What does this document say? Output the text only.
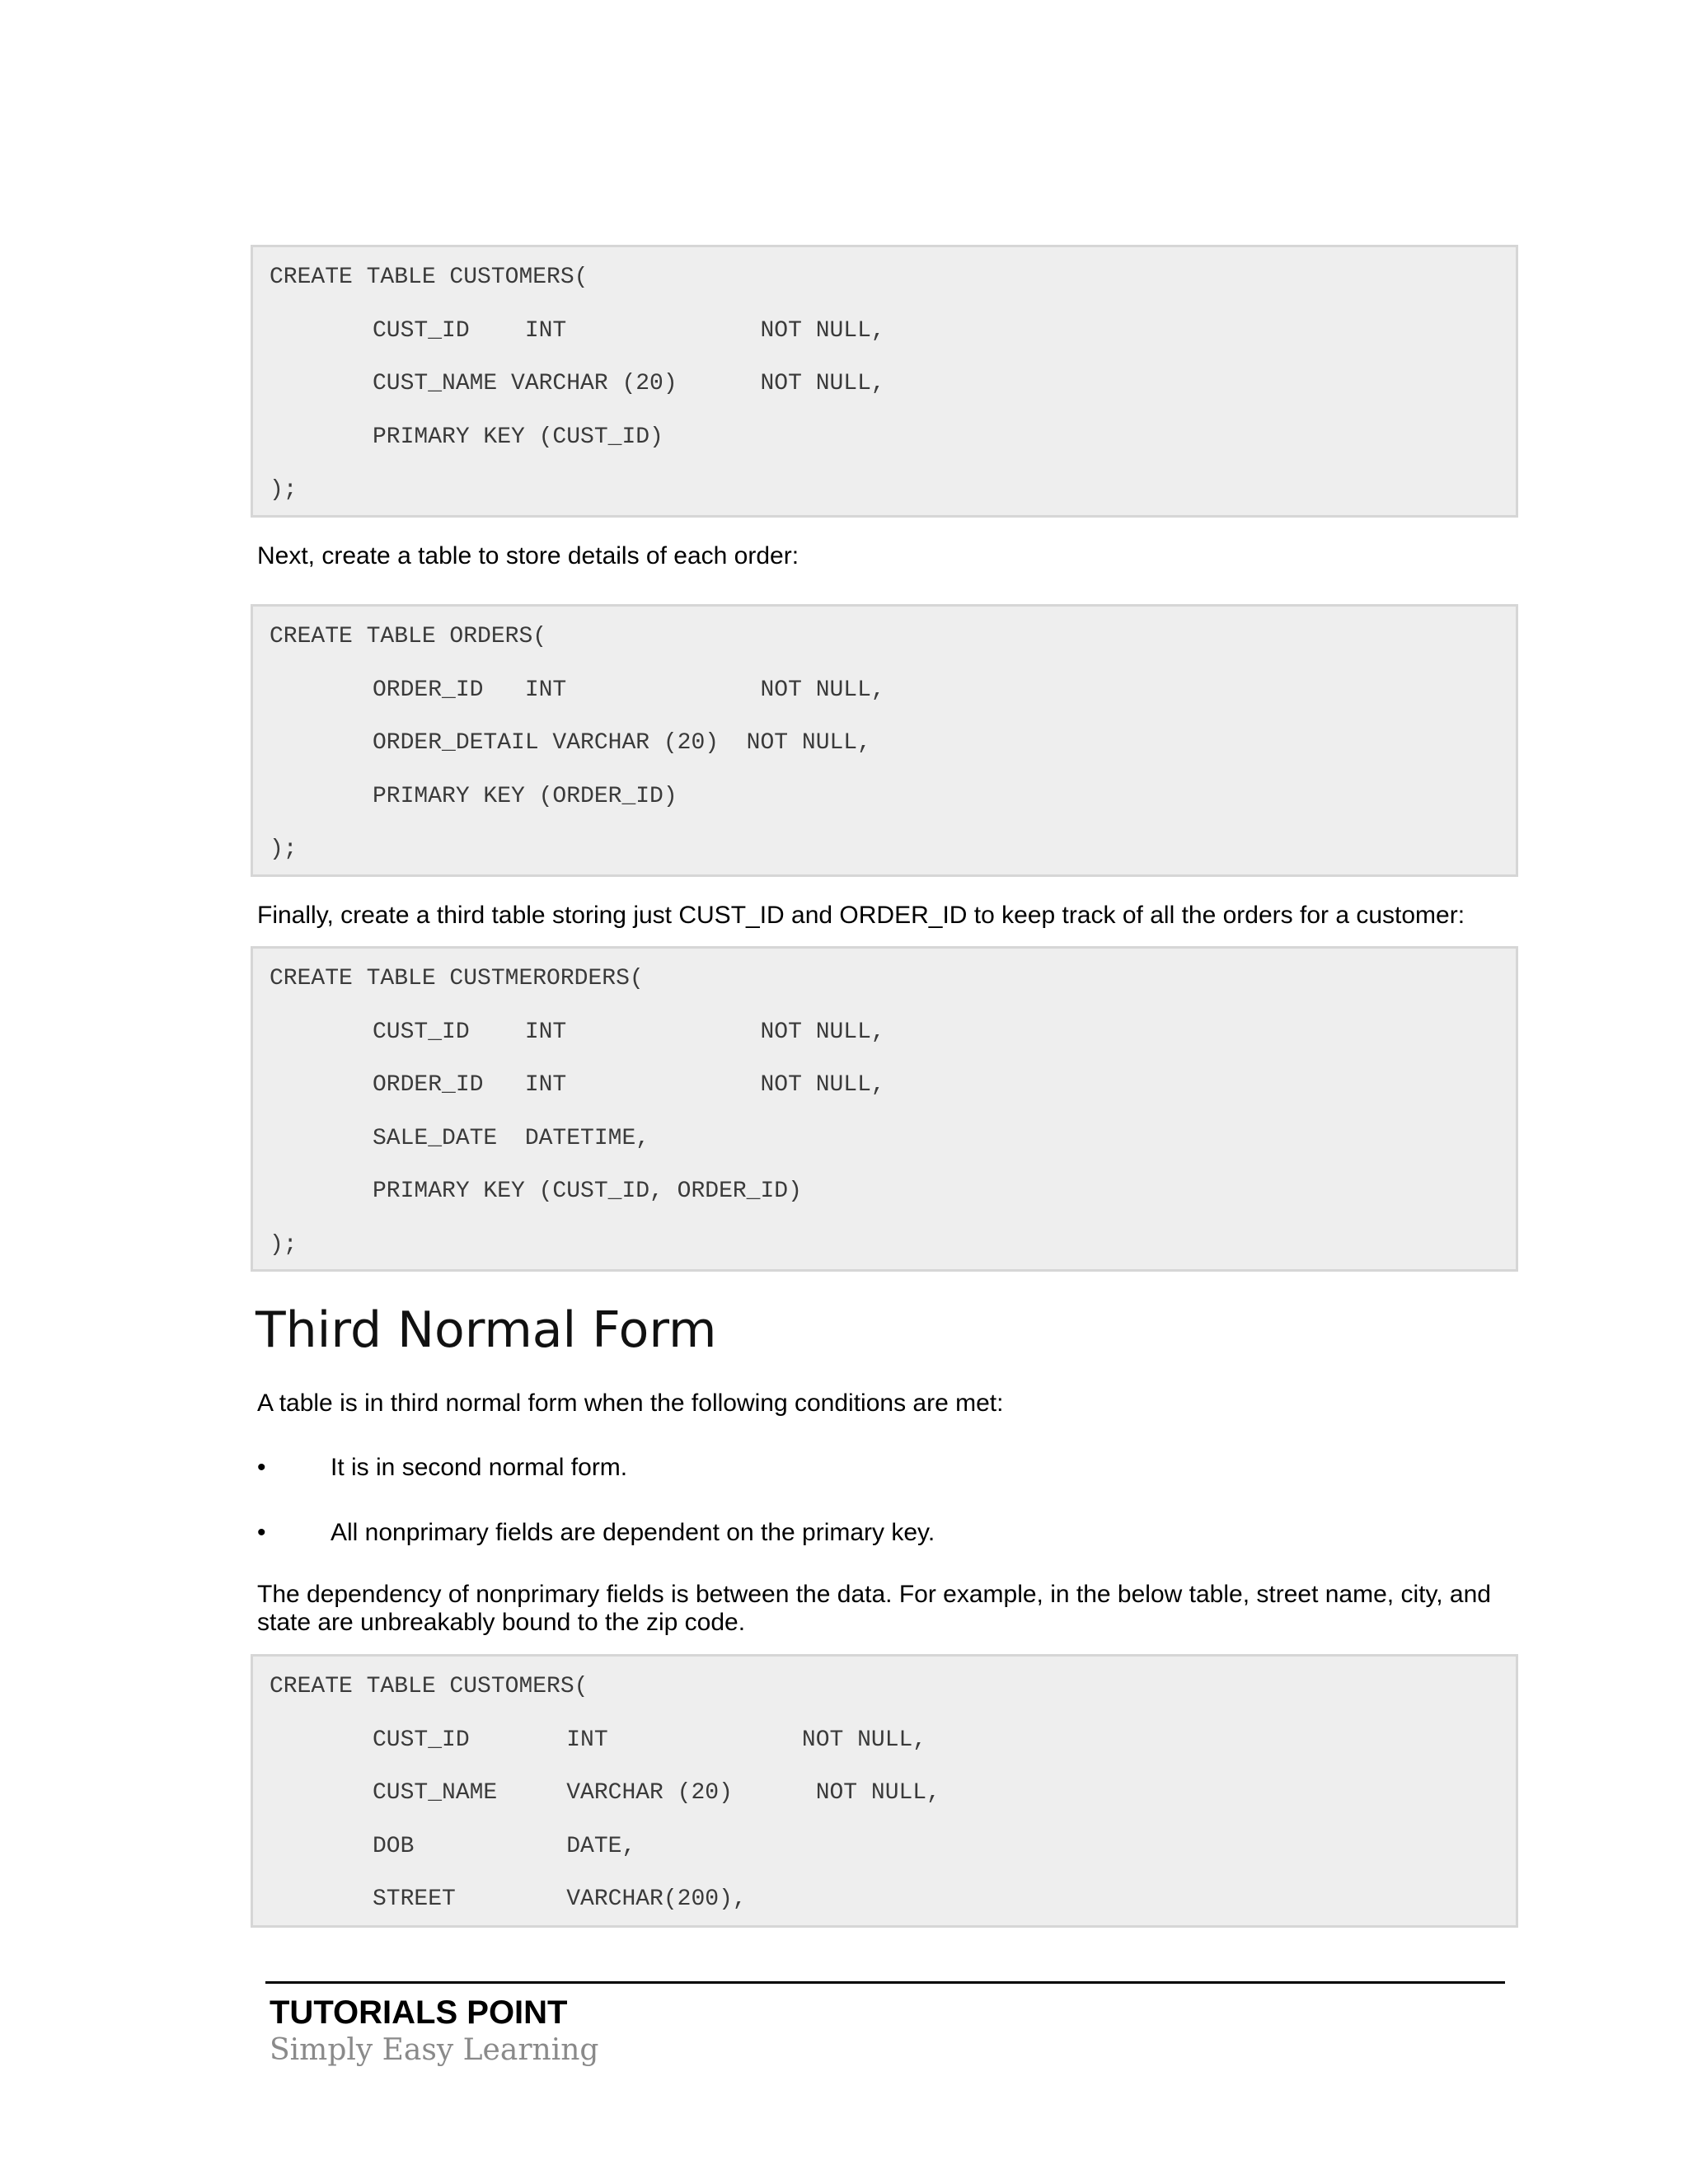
CREATE TABLE CUSTOMERS(

CUST_ID    INT              NOT NULL,

CUST_NAME VARCHAR (20)      NOT NULL,

PRIMARY KEY (CUST_ID)

);

Next, create a table to store details of each order:

CREATE TABLE ORDERS(

ORDER_ID   INT              NOT NULL,

ORDER_DETAIL VARCHAR (20)  NOT NULL,

PRIMARY KEY (ORDER_ID)

);

Finally, create a third table storing just CUST_ID and ORDER_ID to keep track of all the orders for a customer:

CREATE TABLE CUSTMERORDERS(

CUST_ID    INT              NOT NULL,

ORDER_ID   INT              NOT NULL,

SALE_DATE  DATETIME,

PRIMARY KEY (CUST_ID, ORDER_ID)

);

Third Normal Form
A table is in third normal form when the following conditions are met:
•	It is in second normal form.
•	All nonprimary fields are dependent on the primary key.
The dependency of nonprimary fields is between the data. For example, in the below table, street name, city, and
state are unbreakably bound to the zip code.

CREATE TABLE CUSTOMERS(

CUST_ID       INT              NOT NULL,

CUST_NAME     VARCHAR (20)      NOT NULL,

DOB           DATE,

STREET        VARCHAR(200),

TUTORIALS POINT
Simply Easy Learning
